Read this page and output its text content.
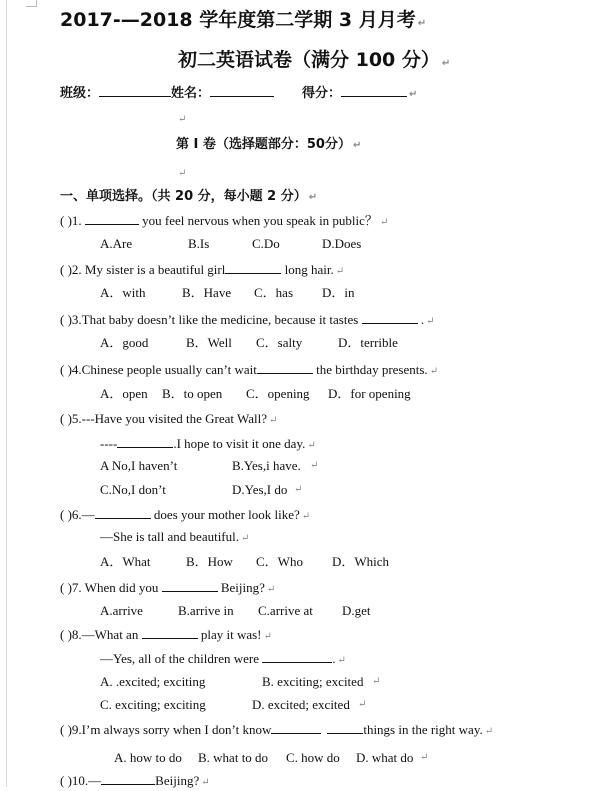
2017-—2018 学年度第二学期 3 月月考 ↵
初二英语试卷（满分 100 分） ↵
班级：	姓名：	得分：	↵
↵
第 I 卷（选择题部分：50分） ↵
↵
一、单项选择。（共 20 分，每小题 2 分） ↵
( )1.	you feel nervous when you speak in public？ ↵
A.Are	B.Is	C.Do	D.Does
( )2. My sister is a beautiful girl	long hair. ↵
A．with	B．Have C．has D．in
( )3.That baby doesn’t like the medicine, because it tastes	. ↵
A．good	B．Well C．salty	D．terrible
( )4.Chinese people usually can’t wait	the birthday presents. ↵
A．open B．to open C．opening D．for opening
( )5.---Have you visited the Great Wall? ↵
----	.I hope to visit it one day. ↵
A No,I haven’t	B.Yes,i have. ↵
C.No,I don’t	D.Yes,I do ↵
( )6.—	does your mother look like? ↵
—She is tall and beautiful. ↵
A．What	B．How C．Who D．Which
( )7. When did you	Beijing? ↵
A.arrive	B.arrive in C.arrive at D.get
( )8.—What an	play it was! ↵
—Yes, all of the children were	. ↵
A. .excited; exciting	B. exciting; excited ↵
C. exciting; exciting	D. excited; excited ↵
( )9.I’m always sorry when I don’t know	things in the right way. ↵
A. how to do B. what to do C. how do D. what do ↵
( )10.—	Beijing? ↵
